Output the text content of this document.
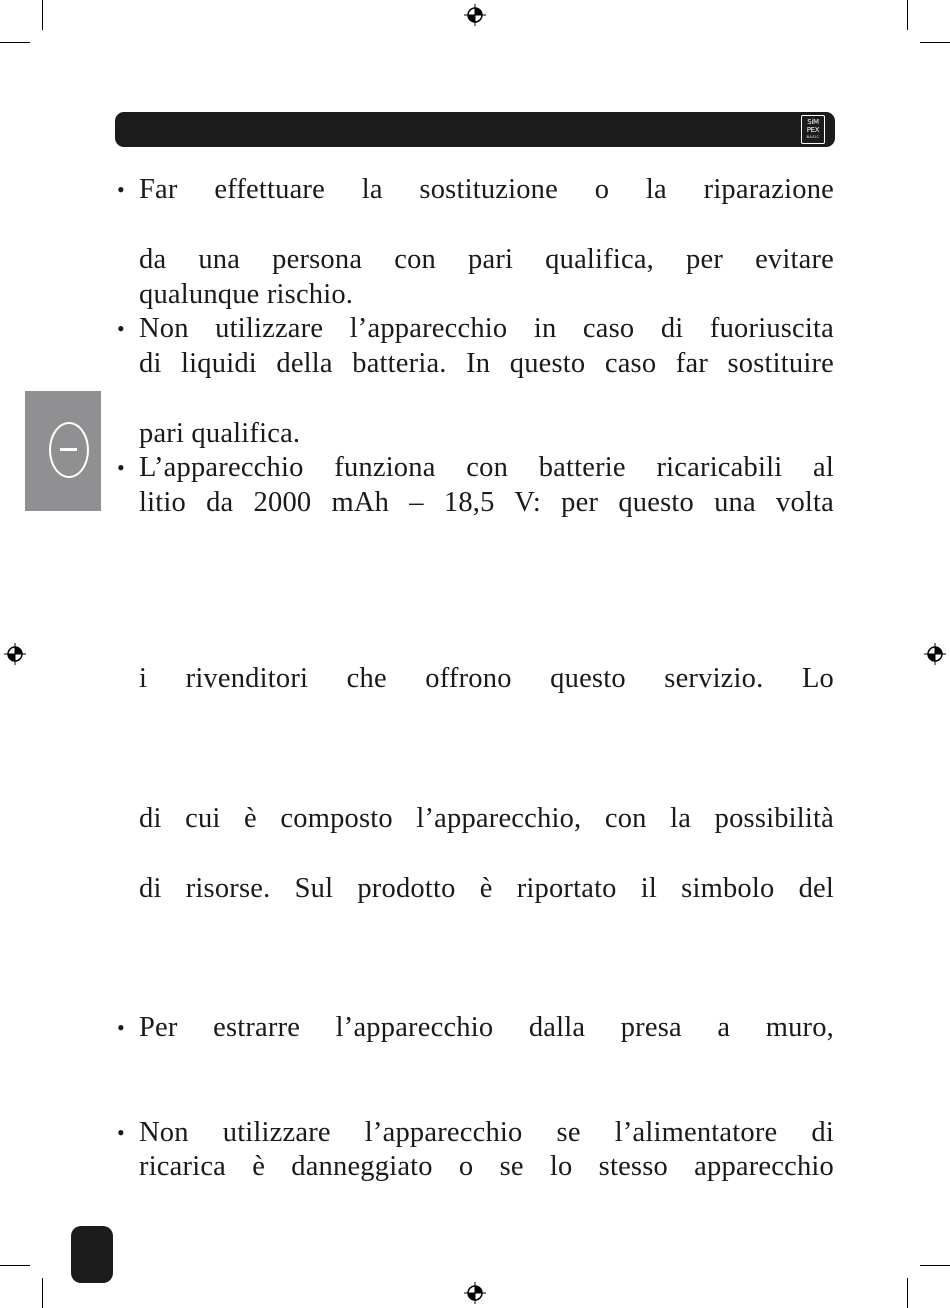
SiM
PEX
BASIC
• Far effettuare la sostituzione o la riparazione
da una persona con pari qualifica, per evitare
qualunque rischio.
• Non utilizzare l’apparecchio in caso di fuoriuscita
di liquidi della batteria. In questo caso far sostituire
pari qualifica.
• L’apparecchio funziona con batterie ricaricabili al
litio da 2000 mAh – 18,5 V: per questo una volta
i rivenditori che offrono questo servizio. Lo
di cui è composto l’apparecchio, con la possibilità
di risorse. Sul prodotto è riportato il simbolo del
• Per estrarre l’apparecchio dalla presa a muro,
• Non utilizzare l’apparecchio se l’alimentatore di
ricarica è danneggiato o se lo stesso apparecchio
